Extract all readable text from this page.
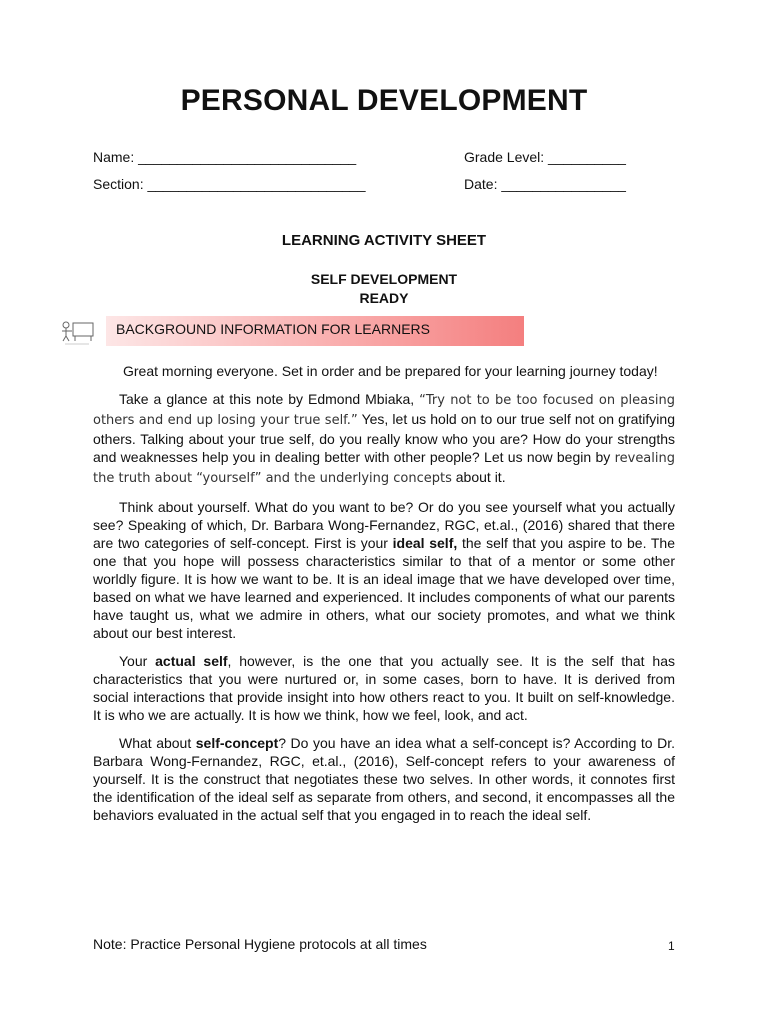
PERSONAL DEVELOPMENT
Name: ____________________________	Grade Level: __________
Section: ____________________________	Date: ________________
LEARNING ACTIVITY SHEET
SELF DEVELOPMENT
READY
BACKGROUND INFORMATION FOR LEARNERS

Great morning everyone. Set in order and be prepared for your learning journey today!

Take a glance at this note by Edmond Mbiaka, “Try not to be too focused on pleasing others and end up losing your true self.” Yes, let us hold on to our true self not on gratifying others. Talking about your true self, do you really know who you are? How do your strengths and weaknesses help you in dealing better with other people? Let us now begin by revealing the truth about “yourself” and the underlying concepts about it.

Think about yourself. What do you want to be? Or do you see yourself what you actually see? Speaking of which, Dr. Barbara Wong-Fernandez, RGC, et.al., (2016) shared that there are two categories of self-concept. First is your ideal self, the self that you aspire to be. The one that you hope will possess characteristics similar to that of a mentor or some other worldly figure. It is how we want to be. It is an ideal image that we have developed over time, based on what we have learned and experienced. It includes components of what our parents have taught us, what we admire in others, what our society promotes, and what we think about our best interest.

Your actual self, however, is the one that you actually see. It is the self that has characteristics that you were nurtured or, in some cases, born to have. It is derived from social interactions that provide insight into how others react to you. It built on self-knowledge. It is who we are actually. It is how we think, how we feel, look, and act.

What about self-concept? Do you have an idea what a self-concept is? According to Dr. Barbara Wong-Fernandez, RGC, et.al., (2016), Self-concept refers to your awareness of yourself. It is the construct that negotiates these two selves. In other words, it connotes first the identification of the ideal self as separate from others, and second, it encompasses all the behaviors evaluated in the actual self that you engaged in to reach the ideal self.

Note: Practice Personal Hygiene protocols at all times	1
